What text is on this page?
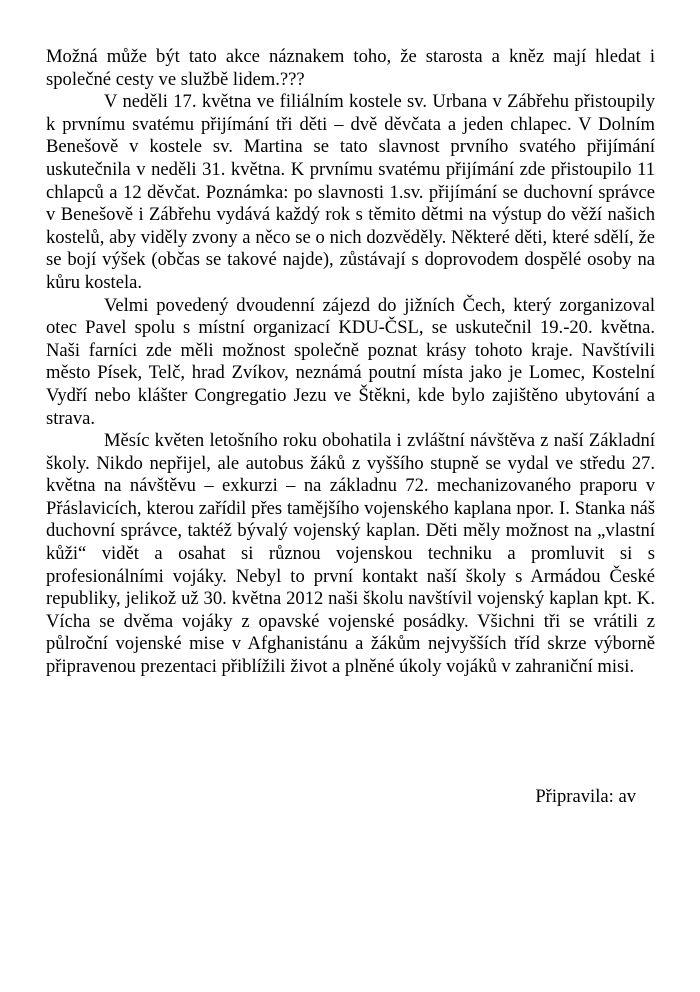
Možná může být tato akce náznakem toho, že starosta a kněz mají hledat i společné cesty ve službě lidem.???

V neděli 17. května ve filiálním kostele sv. Urbana v Zábřehu přistoupily k prvnímu svatému přijímání tři děti – dvě děvčata a jeden chlapec. V Dolním Benešově v kostele sv. Martina se tato slavnost prvního svatého přijímání uskutečnila v neděli 31. května. K prvnímu svatému přijímání zde přistoupilo 11 chlapců a 12 děvčat. Poznámka: po slavnosti 1.sv. přijímání se duchovní správce v Benešově i Zábřehu vydává každý rok s těmito dětmi na výstup do věží našich kostelů, aby viděly zvony a něco se o nich dozvěděly. Některé děti, které sdělí, že se bojí výšek (občas se takové najde), zůstávají s doprovodem dospělé osoby na kůru kostela.

Velmi povedený dvoudenní zájezd do jižních Čech, který zorganizoval otec Pavel spolu s místní organizací KDU-ČSL, se uskutečnil 19.-20. května. Naši farníci zde měli možnost společně poznat krásy tohoto kraje. Navštívili město Písek, Telč, hrad Zvíkov, neznámá poutní místa jako je Lomec, Kostelní Vydří nebo klášter Congregatio Jezu ve Štěkni, kde bylo zajištěno ubytování a strava.

Měsíc květen letošního roku obohatila i zvláštní návštěva z naší Základní školy. Nikdo nepřijel, ale autobus žáků z vyššího stupně se vydal ve středu 27. května na návštěvu – exkurzi – na základnu 72. mechanizovaného praporu v Přáslavicích, kterou zařídil přes tamějšího vojenského kaplana npor. I. Stanka náš duchovní správce, taktéž bývalý vojenský kaplan. Děti měly možnost na „vlastní kůži“ vidět a osahat si různou vojenskou techniku a promluvit si s profesionálními vojáky. Nebyl to první kontakt naší školy s Armádou České republiky, jelikož už 30. května 2012 naši školu navštívil vojenský kaplan kpt. K. Vícha se dvěma vojáky z opavské vojenské posádky. Všichni tři se vrátili z půlroční vojenské mise v Afghanistánu a žákům nejvyšších tříd skrze výborně připravenou prezentaci přiblížili život a plněné úkoly vojáků v zahraniční misi.

Připravila: av
